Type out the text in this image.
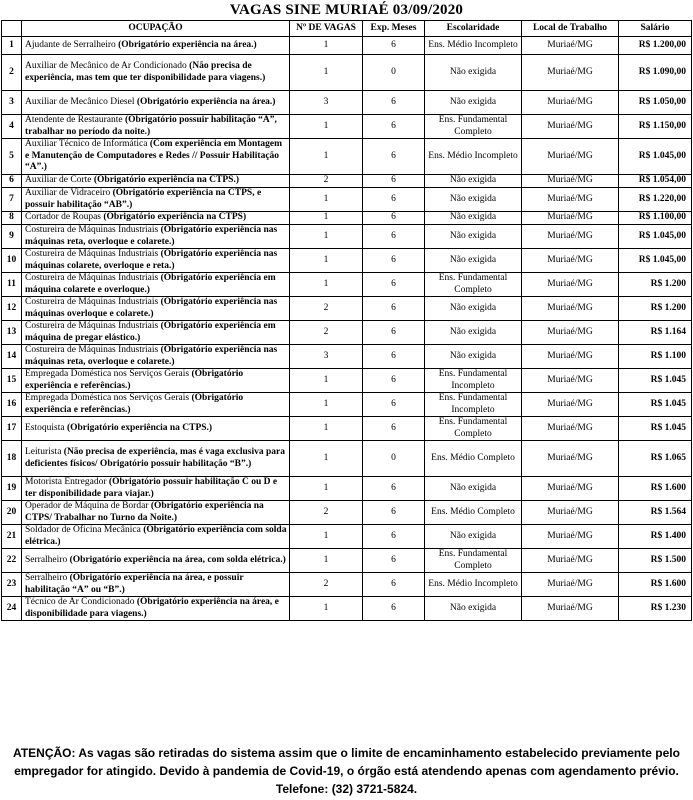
VAGAS SINE MURIAÉ 03/09/2020
	OCUPAÇÃO	Nº DE VAGAS	Exp. Meses	Escolaridade	Local de Trabalho	Salário
1	Ajudante de Serralheiro (Obrigatório experiência na área.)	1	6	Ens. Médio Incompleto	Muriaé/MG	R$ 1.200,00
2	Auxiliar de Mecânico de Ar Condicionado (Não precisa de experiência, mas tem que ter disponibilidade para viagens.)	1	0	Não exigida	Muriaé/MG	R$ 1.090,00
3	Auxiliar de Mecânico Diesel (Obrigatório experiência na área.)	3	6	Não exigida	Muriaé/MG	R$ 1.050,00
4	Atendente de Restaurante (Obrigatório possuir habilitação “A”, trabalhar no período da noite.)	1	6	Ens. Fundamental Completo	Muriaé/MG	R$ 1.150,00
5	Auxiliar Técnico de Informática (Com experiência em Montagem e Manutenção de Computadores e Redes // Possuir Habilitação “A”.)	1	6	Ens. Médio Incompleto	Muriaé/MG	R$ 1.045,00
6	Auxiliar de Corte (Obrigatório experiência na CTPS.)	2	6	Não exigida	Muriaé/MG	R$ 1.054,00
7	Auxiliar de Vidraceiro (Obrigatório experiência na CTPS, e possuir habilitação “AB”.)	1	6	Não exigida	Muriaé/MG	R$ 1.220,00
8	Cortador de Roupas (Obrigatório experiência na CTPS)	1	6	Não exigida	Muriaé/MG	R$ 1.100,00
9	Costureira de Máquinas Industriais (Obrigatório experiência nas máquinas reta, overloque e colarete.)	1	6	Não exigida	Muriaé/MG	R$ 1.045,00
10	Costureira de Máquinas Industriais (Obrigatório experiência nas máquinas colarete, overloque e reta.)	1	6	Não exigida	Muriaé/MG	R$ 1.045,00
11	Costureira de Máquinas Industriais (Obrigatório experiência em máquina colarete e overloque.)	1	6	Ens. Fundamental Completo	Muriaé/MG	R$ 1.200
12	Costureira de Máquinas Industriais (Obrigatório experiência nas máquinas overloque e colarete.)	2	6	Não exigida	Muriaé/MG	R$ 1.200
13	Costureira de Máquinas Industriais (Obrigatório experiência em máquina de pregar elástico.)	2	6	Não exigida	Muriaé/MG	R$ 1.164
14	Costureira de Máquinas Industriais (Obrigatório experiência nas máquinas reta, overloque e colarete.)	3	6	Não exigida	Muriaé/MG	R$ 1.100
15	Empregada Doméstica nos Serviços Gerais (Obrigatório experiência e referências.)	1	6	Ens. Fundamental Incompleto	Muriaé/MG	R$ 1.045
16	Empregada Doméstica nos Serviços Gerais (Obrigatório experiência e referências.)	1	6	Ens. Fundamental Incompleto	Muriaé/MG	R$ 1.045
17	Estoquista (Obrigatório experiência na CTPS.)	1	6	Ens. Fundamental Completo	Muriaé/MG	R$ 1.045
18	Leiturista (Não precisa de experiência, mas é vaga exclusiva para deficientes físicos/ Obrigatório possuir habilitação “B”.)	1	0	Ens. Médio Completo	Muriaé/MG	R$ 1.065
19	Motorista Entregador (Obrigatório possuir habilitação C ou D e ter disponibilidade para viajar.)	1	6	Não exigida	Muriaé/MG	R$ 1.600
20	Operador de Máquina de Bordar (Obrigatório experiência na CTPS/ Trabalhar no Turno da Noite.)	2	6	Ens. Médio Completo	Muriaé/MG	R$ 1.564
21	Soldador de Oficina Mecânica (Obrigatório experiência com solda elétrica.)	1	6	Não exigida	Muriaé/MG	R$ 1.400
22	Serralheiro (Obrigatório experiência na área, com solda elétrica.)	1	6	Ens. Fundamental Completo	Muriaé/MG	R$ 1.500
23	Serralheiro (Obrigatório experiência na área, e possuir habilitação “A” ou “B”.)	2	6	Ens. Médio Incompleto	Muriaé/MG	R$ 1.600
24	Técnico de Ar Condicionado (Obrigatório experiência na área, e disponibilidade para viagens.)	1	6	Não exigida	Muriaé/MG	R$ 1.230
ATENÇÃO: As vagas são retiradas do sistema assim que o limite de encaminhamento estabelecido previamente pelo
empregador for atingido. Devido à pandemia de Covid-19, o órgão está atendendo apenas com agendamento prévio.
Telefone: (32) 3721-5824.
